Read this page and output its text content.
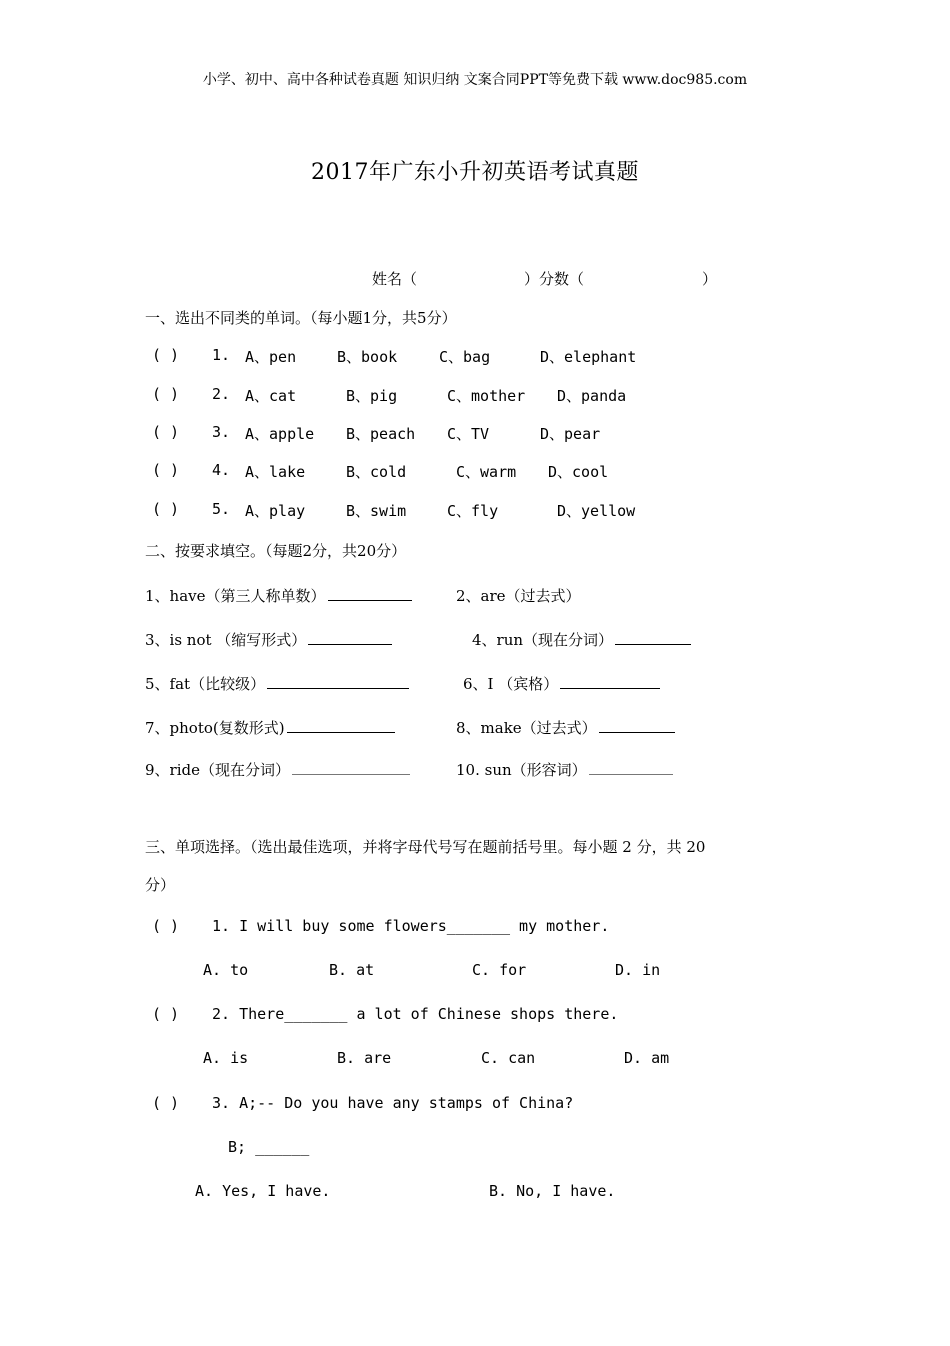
小学、初中、高中各种试卷真题 知识归纳 文案合同PPT等免费下载 www.doc985.com
2017年广东小升初英语考试真题
姓名（	）分数（	）
一、选出不同类的单词。（每小题1分，共5分）
( ) 1. A、pen	B、book	C、bag	D、elephant
( ) 2. A、cat	B、pig	C、mother D、panda
( ) 3. A、apple B、peach C、TV	D、pear
( ) 4. A、lake	B、cold	C、warm D、cool
( ) 5. A、play	B、swim	C、fly	D、yellow
二、按要求填空。（每题2分，共20分）
1、have（第三人称单数）	2、are（过去式）
3、is not （缩写形式）	4、run（现在分词）
5、fat（比较级）	6、I （宾格）
7、photo(复数形式)	8、make（过去式）
9、ride（现在分词）	10. sun（形容词）
三、单项选择。（选出最佳选项，并将字母代号写在题前括号里。每小题 2 分，共 20
分）
( ) 1. I will buy some flowers_______ my mother.
A. to	B. at	C. for	D. in
( ) 2. There_______ a lot of Chinese shops there.
A. is	B. are	C. can	D. am
( ) 3. A;-- Do you have any stamps of China?
B; ______
A. Yes, I have.	B. No, I have.
